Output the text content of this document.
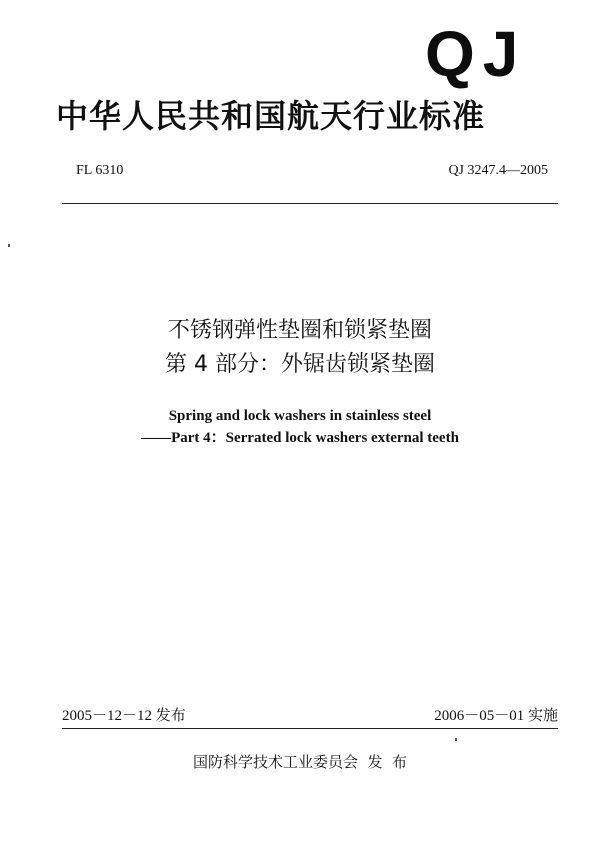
QJ
中华人民共和国航天行业标准
FL 6310	QJ 3247.4—2005
不锈钢弹性垫圈和锁紧垫圈
第 4 部分：外锯齿锁紧垫圈
Spring and lock washers in stainless steel
——Part 4：Serrated lock washers external teeth
2005－12－12 发布	2006－05－01 实施
国防科学技术工业委员会  发  布
